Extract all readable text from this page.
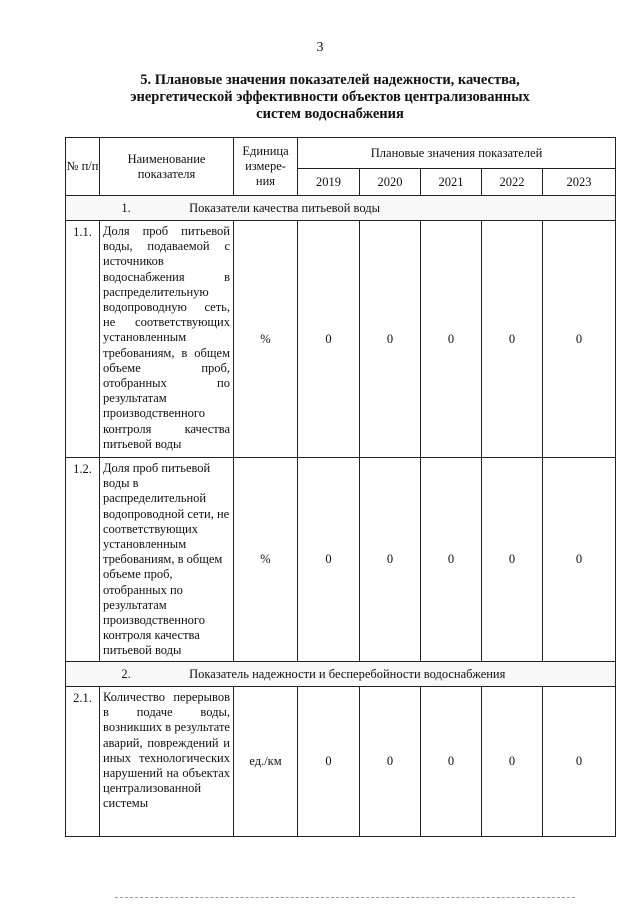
3
5. Плановые значения показателей надежности, качества,
энергетической эффективности объектов централизованных
систем водоснабжения
№ п/п	Наименование показателя	Единица измере-ния	Плановые значения показателей				
			2019	2020	2021	2022	2023
1. Показатели качества питьевой воды							
1.1.	Доля проб питьевой воды, подаваемой с источников водоснабжения в распределительную водопроводную сеть, не соответствующих установленным требованиям, в общем объеме проб, отобранных по результатам производственного контроля качества питьевой воды	%	0	0	0	0	0
1.2.	Доля проб питьевой воды в распределительной водопроводной сети, не соответствующих установленным требованиям, в общем объеме проб, отобранных по результатам производственного контроля качества питьевой воды	%	0	0	0	0	0
2. Показатель надежности и бесперебойности водоснабжения							
2.1.	Количество перерывов в подаче воды, возникших в результате аварий, повреждений и иных технологических нарушений на объектах централизованной системы	ед./км	0	0	0	0	0
